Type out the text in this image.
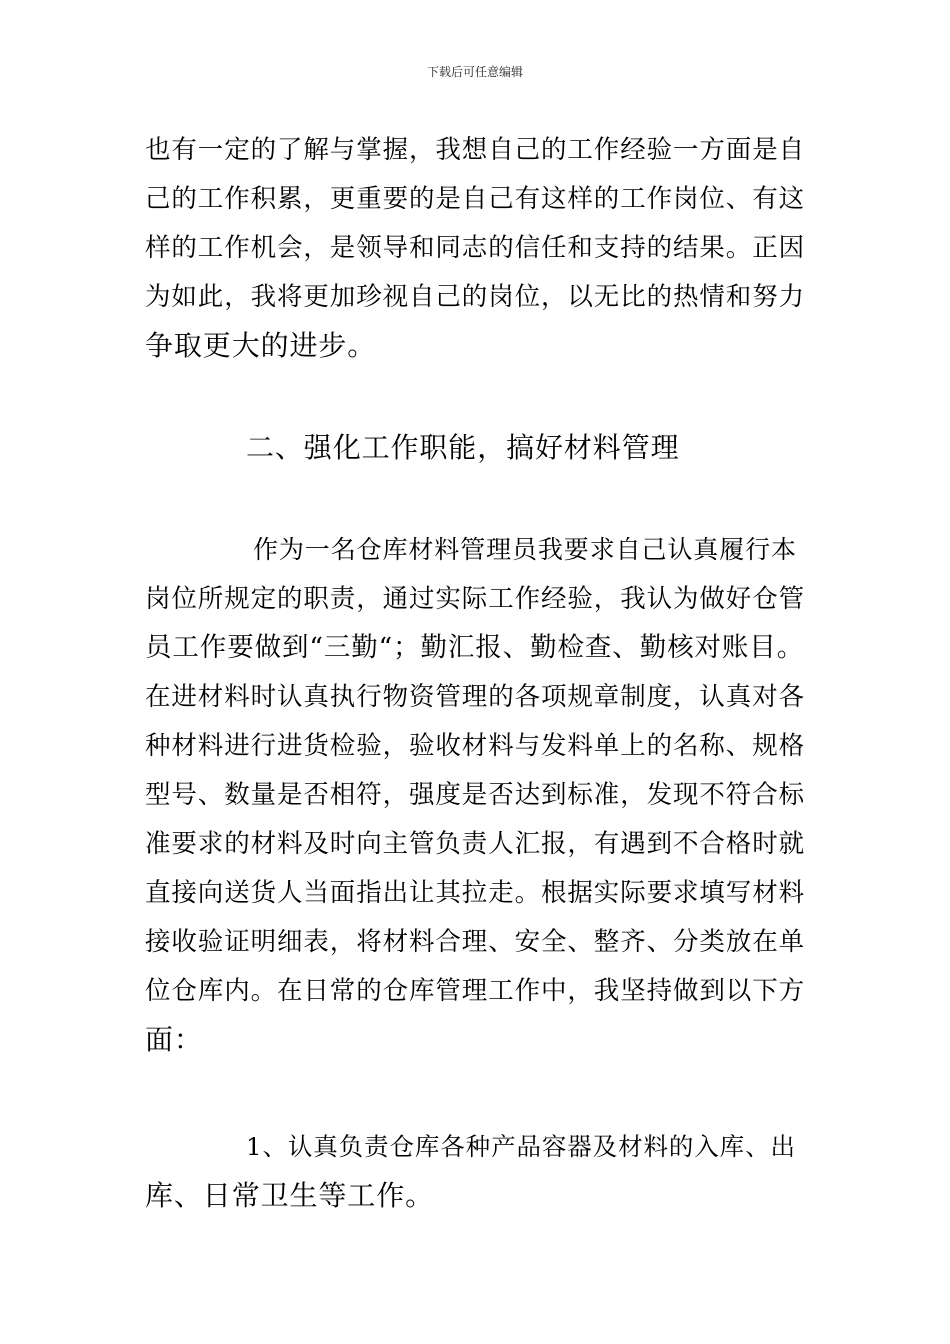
下载后可任意编辑
也有一定的了解与掌握，我想自己的工作经验一方面是自
己的工作积累，更重要的是自己有这样的工作岗位、有这
样的工作机会，是领导和同志的信任和支持的结果。正因
为如此，我将更加珍视自己的岗位，以无比的热情和努力
争取更大的进步。
二、强化工作职能，搞好材料管理
作为一名仓库材料管理员我要求自己认真履行本
岗位所规定的职责，通过实际工作经验，我认为做好仓管
员工作要做到“三勤“；勤汇报、勤检查、勤核对账目。
在进材料时认真执行物资管理的各项规章制度，认真对各
种材料进行进货检验，验收材料与发料单上的名称、规格
型号、数量是否相符，强度是否达到标准，发现不符合标
准要求的材料及时向主管负责人汇报，有遇到不合格时就
直接向送货人当面指出让其拉走。根据实际要求填写材料
接收验证明细表，将材料合理、安全、整齐、分类放在单
位仓库内。在日常的仓库管理工作中，我坚持做到以下方
面：
1、认真负责仓库各种产品容器及材料的入库、出
库、日常卫生等工作。
